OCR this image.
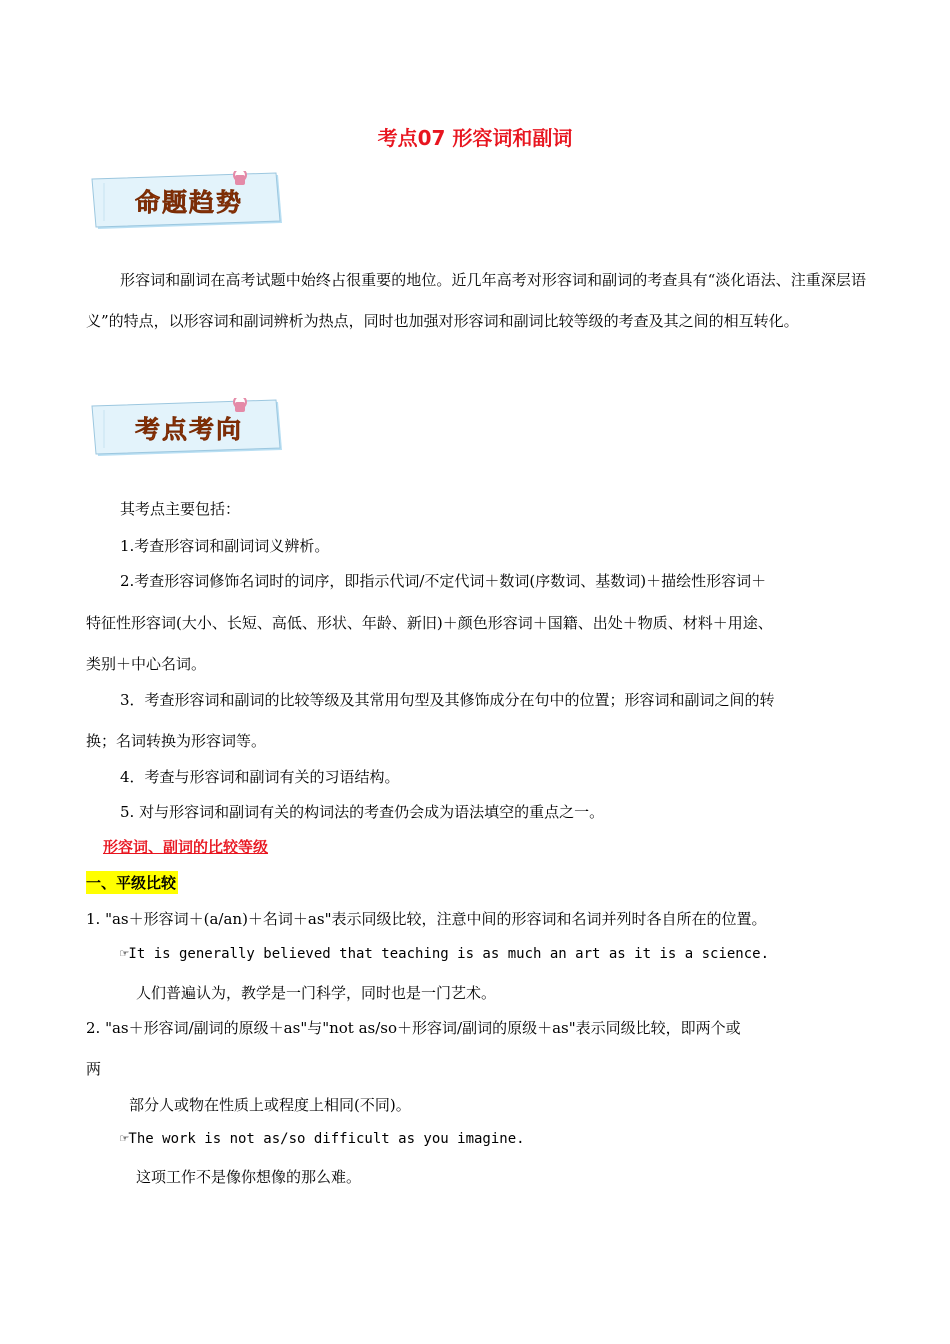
考点07 形容词和副词
命题趋势
形容词和副词在高考试题中始终占很重要的地位。近几年高考对形容词和副词的考查具有“淡化语法、注重深层语义”的特点，以形容词和副词辨析为热点，同时也加强对形容词和副词比较等级的考查及其之间的相互转化。
考点考向
其考点主要包括：
1.考查形容词和副词词义辨析。
2.考查形容词修饰名词时的词序，即指示代词/不定代词＋数词(序数词、基数词)＋描绘性形容词＋
特征性形容词(大小、长短、高低、形状、年龄、新旧)＋颜色形容词＋国籍、出处＋物质、材料＋用途、
类别＋中心名词。
3．考查形容词和副词的比较等级及其常用句型及其修饰成分在句中的位置；形容词和副词之间的转
换；名词转换为形容词等。
4．考查与形容词和副词有关的习语结构。
5. 对与形容词和副词有关的构词法的考查仍会成为语法填空的重点之一。
形容词、副词的比较等级
一、平级比较
1. "as＋形容词＋(a/an)＋名词＋as"表示同级比较，注意中间的形容词和名词并列时各自所在的位置。
☞It is generally believed that teaching is as much an art as it is a science.
人们普遍认为，教学是一门科学，同时也是一门艺术。
2. "as＋形容词/副词的原级＋as"与"not as/so＋形容词/副词的原级＋as"表示同级比较，即两个或
两
部分人或物在性质上或程度上相同(不同)。
☞The work is not as/so difficult as you imagine.
这项工作不是像你想像的那么难。
